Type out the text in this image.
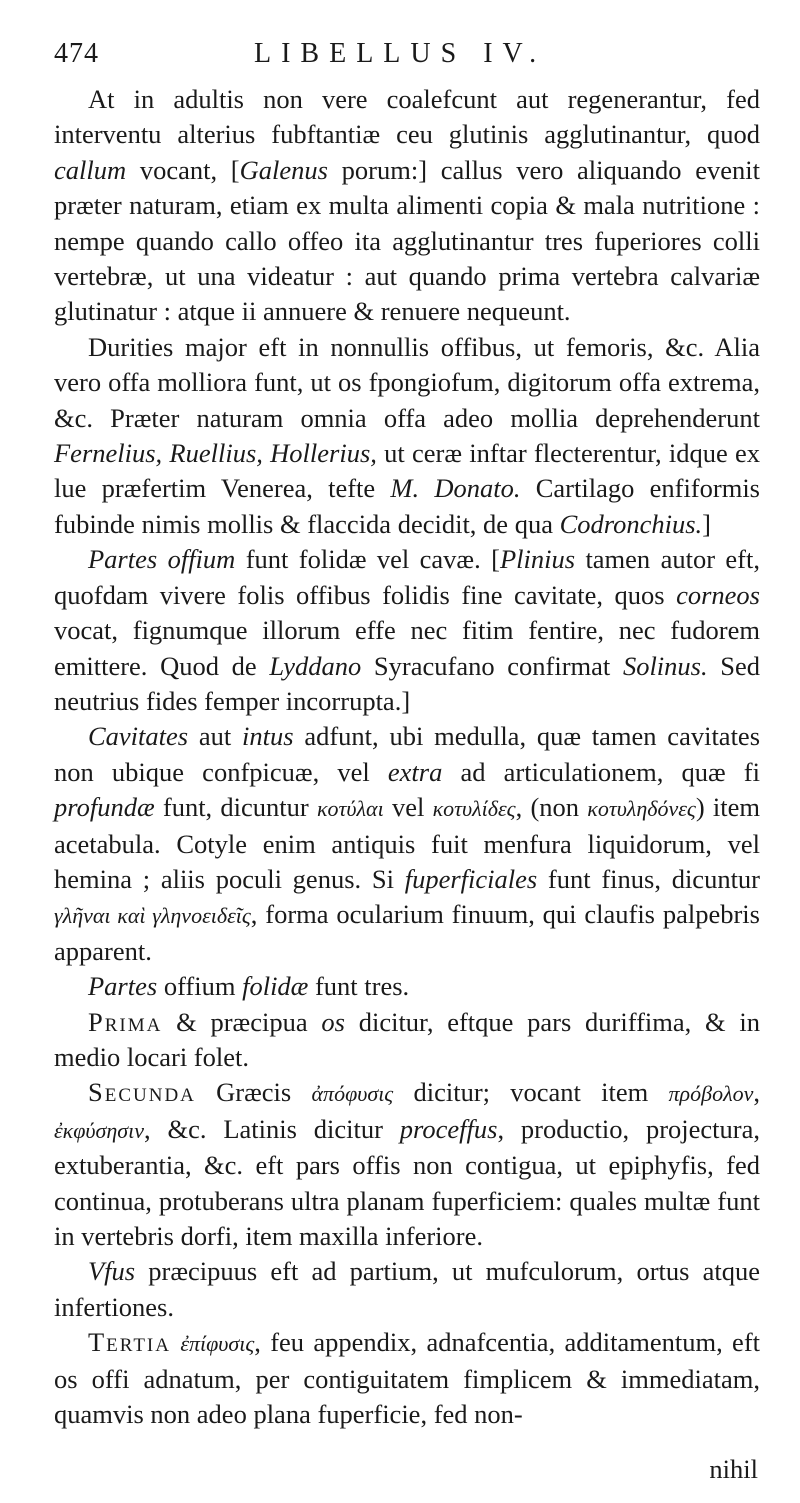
474	LIBELLUS IV.

At in adultis non vere coalefcunt aut regenerantur, fed interventu alterius fubftantiæ ceu glutinis agglutinantur, quod callum vocant, [Galenus porum:] callus vero aliquando evenit præter naturam, etiam ex multa alimenti copia & mala nutritione : nempe quando callo offeo ita agglutinantur tres fuperiores colli vertebræ, ut una videatur : aut quando prima vertebra calvariæ glutinatur : atque ii annuere & renuere nequeunt.

Durities major eft in nonnullis offibus, ut femoris, &c. Alia vero offa molliora funt, ut os fpongiofum, digitorum offa extrema, &c. Præter naturam omnia offa adeo mollia deprehenderunt Fernelius, Ruellius, Hollerius, ut ceræ inftar flecterentur, idque ex lue præfertim Venerea, tefte M. Donato. Cartilago enfiformis fubinde nimis mollis & flaccida decidit, de qua Codronchius.]

Partes offium funt folidæ vel cavæ. [Plinius tamen autor eft, quofdam vivere folis offibus folidis fine cavitate, quos corneos vocat, fignumque illorum effe nec fitim fentire, nec fudorem emittere. Quod de Lyddano Syracufano confirmat Solinus. Sed neutrius fides femper incorrupta.]

Cavitates aut intus adfunt, ubi medulla, quæ tamen cavitates non ubique confpicuæ, vel extra ad articulationem, quæ fi profundæ funt, dicuntur κοτύλαι vel κοτυλίδες, (non κοτυληδόνες) item acetabula. Cotyle enim antiquis fuit menfura liquidorum, vel hemina ; aliis poculi genus. Si fuperficiales funt finus, dicuntur γλῆναι καὶ γληνοειδεῖς, forma ocularium finuum, qui claufis palpebris apparent.

Partes offium folidæ funt tres.

Prima & præcipua os dicitur, eftque pars duriffima, & in medio locari folet.

Secunda Græcis ἀπόφυσις dicitur; vocant item πρόβολον, ἐκφύσησιν, &c. Latinis dicitur proceffus, productio, projectura, extuberantia, &c. eft pars offis non contigua, ut epiphyfis, fed continua, protuberans ultra planam fuperficiem: quales multæ funt in vertebris dorfi, item maxilla inferiore.

Vfus præcipuus eft ad partium, ut mufculorum, ortus atque infertiones.

Tertia ἐπίφυσις, feu appendix, adnafcentia, additamentum, eft os offi adnatum, per contiguitatem fimplicem & immediatam, quamvis non adeo plana fuperficie, fed non-

nihil
